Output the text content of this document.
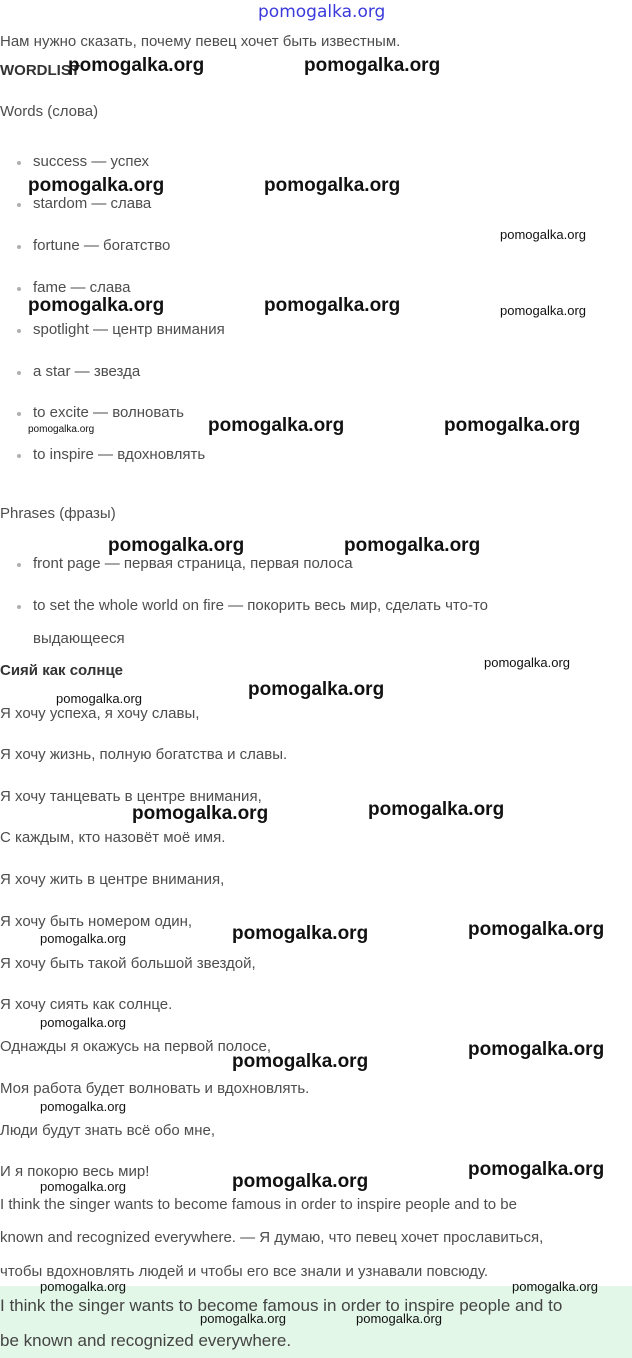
pomogalka.org
Нам нужно сказать, почему певец хочет быть известным.
WORDLIST
Words (слова)
success — успех
stardom — слава
fortune — богатство
fame — слава
spotlight — центр внимания
a star — звезда
to excite — волновать
to inspire — вдохновлять
Phrases (фразы)
front page — первая страница, первая полоса
to set the whole world on fire — покорить весь мир, сделать что-то
выдающееся
Сияй как солнце
Я хочу успеха, я хочу славы,
Я хочу жизнь, полную богатства и славы.
Я хочу танцевать в центре внимания,
С каждым, кто назовёт моё имя.
Я хочу жить в центре внимания,
Я хочу быть номером один,
Я хочу быть такой большой звездой,
Я хочу сиять как солнце.
Однажды я окажусь на первой полосе,
Моя работа будет волновать и вдохновлять.
Люди будут знать всё обо мне,
И я покорю весь мир!
I think the singer wants to become famous in order to inspire people and to be
known and recognized everywhere. — Я думаю, что певец хочет прославиться,
чтобы вдохновлять людей и чтобы его все знали и узнавали повсюду.
I think the singer wants to become famous in order to inspire people and to
be known and recognized everywhere.
pomogalka.org	pomogalka.org
pomogalka.org	pomogalka.org
pomogalka.org
pomogalka.org	pomogalka.org	pomogalka.org
pomogalka.org	pomogalka.org	pomogalka.org
pomogalka.org	pomogalka.org
pomogalka.org
pomogalka.org	pomogalka.org
pomogalka.org	pomogalka.org
pomogalka.org	pomogalka.org	pomogalka.org
pomogalka.org
pomogalka.org
pomogalka.org
pomogalka.org
pomogalka.org	pomogalka.org
pomogalka.org
pomogalka.org	pomogalka.org
pomogalka.org	pomogalka.org
